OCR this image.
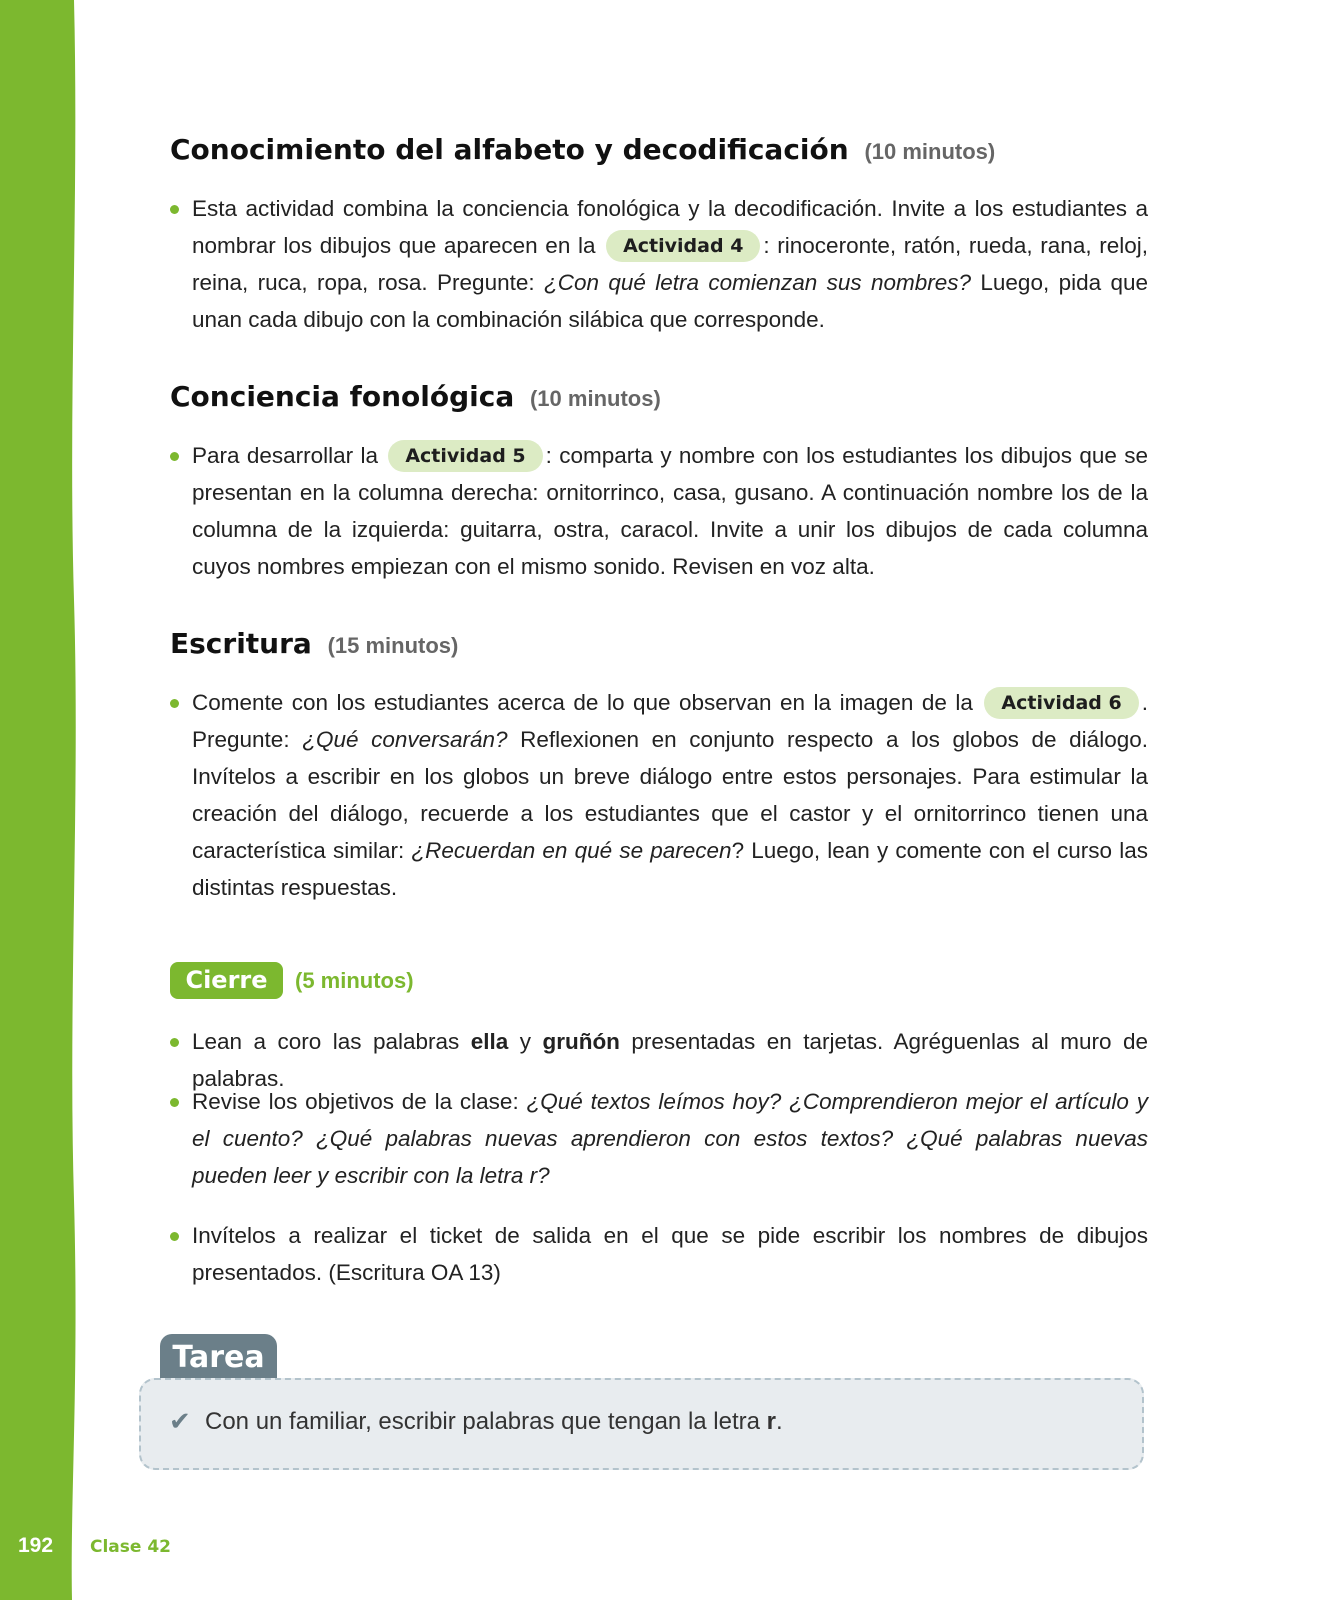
Conocimiento del alfabeto y decodificación (10 minutos)
Esta actividad combina la conciencia fonológica y la decodificación. Invite a los estudiantes a nombrar los dibujos que aparecen en la Actividad 4 : rinoceronte, ratón, rueda, rana, reloj, reina, ruca, ropa, rosa. Pregunte: ¿Con qué letra comienzan sus nombres? Luego, pida que unan cada dibujo con la combinación silábica que corresponde.
Conciencia fonológica (10 minutos)
Para desarrollar la Actividad 5 : comparta y nombre con los estudiantes los dibujos que se presentan en la columna derecha: ornitorrinco, casa, gusano. A continuación nombre los de la columna de la izquierda: guitarra, ostra, caracol. Invite a unir los dibujos de cada columna cuyos nombres empiezan con el mismo sonido. Revisen en voz alta.
Escritura (15 minutos)
Comente con los estudiantes acerca de lo que observan en la imagen de la Actividad 6 . Pregunte: ¿Qué conversarán? Reflexionen en conjunto respecto a los globos de diálogo. Invítelos a escribir en los globos un breve diálogo entre estos personajes. Para estimular la creación del diálogo, recuerde a los estudiantes que el castor y el ornitorrinco tienen una característica similar: ¿Recuerdan en qué se parecen? Luego, lean y comente con el curso las distintas respuestas.
Cierre	(5 minutos)
Lean a coro las palabras ella y gruñón presentadas en tarjetas. Agréguenlas al muro de palabras.
Revise los objetivos de la clase: ¿Qué textos leímos hoy? ¿Comprendieron mejor el artículo y el cuento? ¿Qué palabras nuevas aprendieron con estos textos? ¿Qué palabras nuevas pueden leer y escribir con la letra r?
Invítelos a realizar el ticket de salida en el que se pide escribir los nombres de dibujos presentados. (Escritura OA 13)
Tarea
✔ Con un familiar, escribir palabras que tengan la letra r.
192 Clase 42
